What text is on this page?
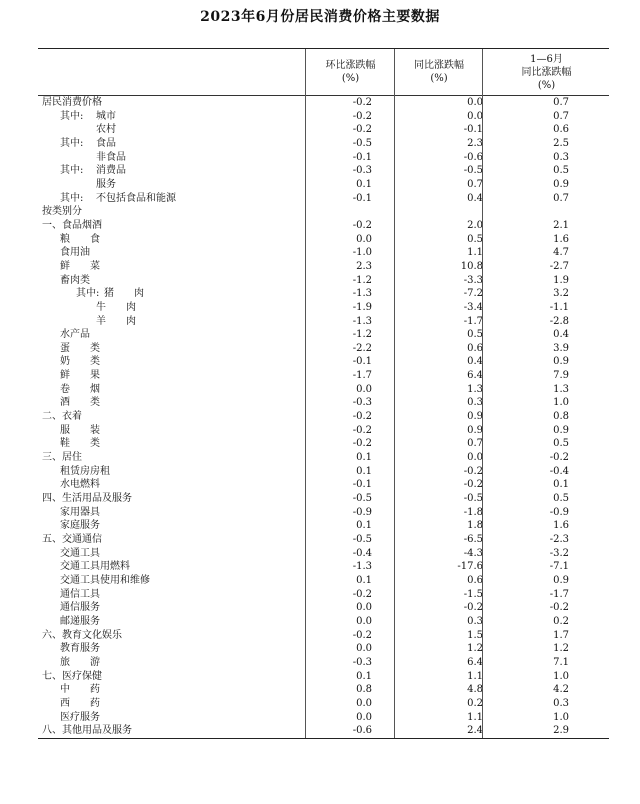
2023年6月份居民消费价格主要数据
环比涨跌幅
(%)
同比涨跌幅
(%)
1—6月
同比涨跌幅
(%)
居民消费价格	-0.2	0.0	0.7
其中: 城市	-0.2	0.0	0.7
农村	-0.2	-0.1	0.6
其中: 食品	-0.5	2.3	2.5
非食品	-0.1	-0.6	0.3
其中: 消费品	-0.3	-0.5	0.5
服务	0.1	0.7	0.9
其中: 不包括食品和能源	-0.1	0.4	0.7
按类别分
一、食品烟酒	-0.2	2.0	2.1
粮　　食	0.0	0.5	1.6
食用油	-1.0	1.1	4.7
鲜　　菜	2.3	10.8	-2.7
畜肉类	-1.2	-3.3	1.9
其中: 猪　　肉	-1.3	-7.2	3.2
牛　　肉	-1.9	-3.4	-1.1
羊　　肉	-1.3	-1.7	-2.8
水产品	-1.2	0.5	0.4
蛋　　类	-2.2	0.6	3.9
奶　　类	-0.1	0.4	0.9
鲜　　果	-1.7	6.4	7.9
卷　　烟	0.0	1.3	1.3
酒　　类	-0.3	0.3	1.0
二、衣着	-0.2	0.9	0.8
服　　装	-0.2	0.9	0.9
鞋　　类	-0.2	0.7	0.5
三、居住	0.1	0.0	-0.2
租赁房房租	0.1	-0.2	-0.4
水电燃料	-0.1	-0.2	0.1
四、生活用品及服务	-0.5	-0.5	0.5
家用器具	-0.9	-1.8	-0.9
家庭服务	0.1	1.8	1.6
五、交通通信	-0.5	-6.5	-2.3
交通工具	-0.4	-4.3	-3.2
交通工具用燃料	-1.3	-17.6	-7.1
交通工具使用和维修	0.1	0.6	0.9
通信工具	-0.2	-1.5	-1.7
通信服务	0.0	-0.2	-0.2
邮递服务	0.0	0.3	0.2
六、教育文化娱乐	-0.2	1.5	1.7
教育服务	0.0	1.2	1.2
旅　　游	-0.3	6.4	7.1
七、医疗保健	0.1	1.1	1.0
中　　药	0.8	4.8	4.2
西　　药	0.0	0.2	0.3
医疗服务	0.0	1.1	1.0
八、其他用品及服务	-0.6	2.4	2.9
